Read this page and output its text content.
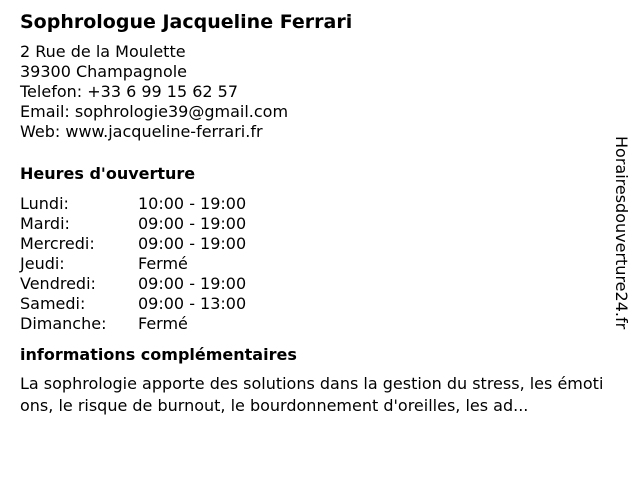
Sophrologue Jacqueline Ferrari
2 Rue de la Moulette
39300 Champagnole
Telefon: +33 6 99 15 62 57
Email: sophrologie39@gmail.com
Web: www.jacqueline-ferrari.fr
Heures d'ouverture
Lundi:	10:00 - 19:00
Mardi:	09:00 - 19:00
Mercredi:	09:00 - 19:00
Jeudi:	Fermé
Vendredi:	09:00 - 19:00
Samedi:	09:00 - 13:00
Dimanche: Fermé
informations complémentaires
La sophrologie apporte des solutions dans la gestion du stress, les émotions, le risque de burnout, le bourdonnement d'oreilles, les ad...
Horairesdouverture24.fr
